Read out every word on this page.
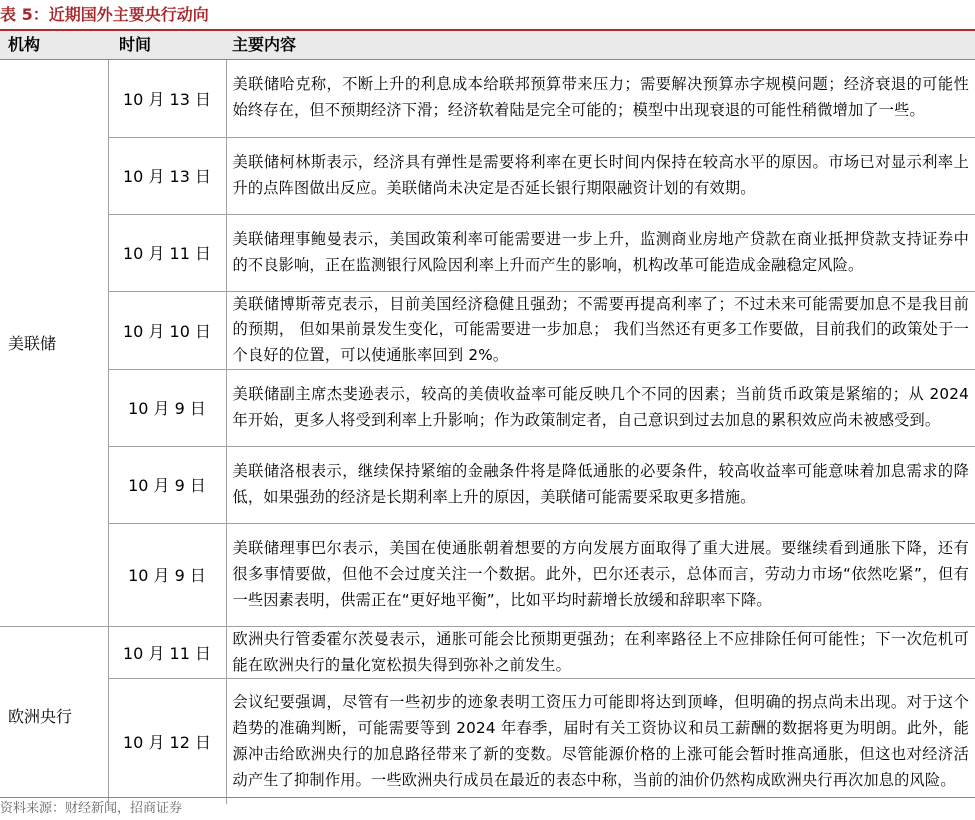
表 5：近期国外主要央行动向
机构	时间	主要内容
美联储	10 月 13 日	美联储哈克称，不断上升的利息成本给联邦预算带来压力；需要解决预算赤字规模问题；经济衰退的可能性始终存在，但不预期经济下滑；经济软着陆是完全可能的；模型中出现衰退的可能性稍微增加了一些。
	10 月 13 日	美联储柯林斯表示，经济具有弹性是需要将利率在更长时间内保持在较高水平的原因。市场已对显示利率上升的点阵图做出反应。美联储尚未决定是否延长银行期限融资计划的有效期。
	10 月 11 日	美联储理事鲍曼表示，美国政策利率可能需要进一步上升，监测商业房地产贷款在商业抵押贷款支持证券中的不良影响，正在监测银行风险因利率上升而产生的影响，机构改革可能造成金融稳定风险。
	10 月 10 日	美联储博斯蒂克表示，目前美国经济稳健且强劲；不需要再提高利率了；不过未来可能需要加息不是我目前的预期， 但如果前景发生变化，可能需要进一步加息； 我们当然还有更多工作要做，目前我们的政策处于一个良好的位置，可以使通胀率回到 2%。
	10 月 9 日	美联储副主席杰斐逊表示，较高的美债收益率可能反映几个不同的因素；当前货币政策是紧缩的；从 2024 年开始，更多人将受到利率上升影响；作为政策制定者，自己意识到过去加息的累积效应尚未被感受到。
	10 月 9 日	美联储洛根表示，继续保持紧缩的金融条件将是降低通胀的必要条件，较高收益率可能意味着加息需求的降低，如果强劲的经济是长期利率上升的原因，美联储可能需要采取更多措施。
	10 月 9 日	美联储理事巴尔表示，美国在使通胀朝着想要的方向发展方面取得了重大进展。要继续看到通胀下降，还有很多事情要做，但他不会过度关注一个数据。此外，巴尔还表示，总体而言，劳动力市场“依然吃紧”，但有一些因素表明，供需正在“更好地平衡”，比如平均时薪增长放缓和辞职率下降。
欧洲央行	10 月 11 日	欧洲央行管委霍尔茨曼表示，通胀可能会比预期更强劲；在利率路径上不应排除任何可能性；下一次危机可能在欧洲央行的量化宽松损失得到弥补之前发生。
	10 月 12 日	会议纪要强调，尽管有一些初步的迹象表明工资压力可能即将达到顶峰，但明确的拐点尚未出现。对于这个趋势的准确判断，可能需要等到 2024 年春季，届时有关工资协议和员工薪酬的数据将更为明朗。此外，能源冲击给欧洲央行的加息路径带来了新的变数。尽管能源价格的上涨可能会暂时推高通胀，但这也对经济活动产生了抑制作用。一些欧洲央行成员在最近的表态中称，当前的油价仍然构成欧洲央行再次加息的风险。
资料来源：财经新闻，招商证券
